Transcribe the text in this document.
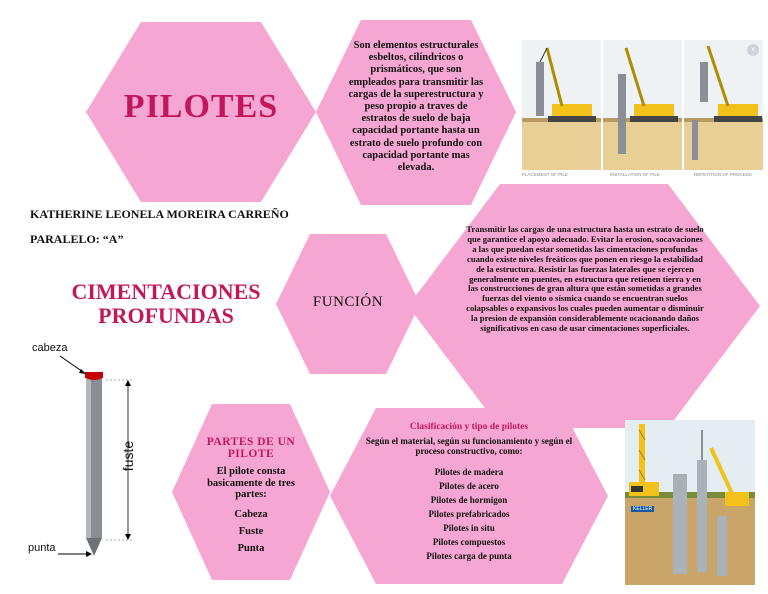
PILOTES
Son elementos estructurales esbeltos, cilíndricos o prismáticos, que son empleados para transmitir las cargas de la superestructura y peso propio a traves de estratos de suelo de baja capacidad portante hasta un estrato de suelo profundo con capacidad portante mas elevada.
‹
PLACEMENT OF PILE	INSTALLATION OF PILE	REPETITION OF PROCESS
KATHERINE LEONELA MOREIRA CARREÑO
PARALELO: “A”
CIMENTACIONES PROFUNDAS
FUNCIÓN
Transmitir las cargas de una estructura hasta un estrato de suelo que garantice el apoyo adecuado. Evitar la erosion, socavaciones a las que puedan estar sometidas las cimentaciones profundas cuando existe niveles freáticos que ponen en riesgo la estabilidad de la estructura. Resistir las fuerzas laterales que se ejercen generalmente en puentes, en estructura que retienen tierra y en las construcciones de gran altura que están sometidas a grandes fuerzas del viento o sísmica cuando se encuentran suelos colapsables o expansivos los cuales pueden aumentar o disminuir la presion de expansión considerablemente ocacionando daños significativos en caso de usar cimentaciones superficiales.
cabeza
punta
fuste	PARTES DE UN PILOTE
El pilote consta basicamente de tres partes:
Cabeza
Fuste
Punta
Clasificación y tipo de pilotes
Según el material, según su funcionamiento y según el proceso constructivo, como:
Pilotes de madera
Pilotes de acero
Pilotes de hormigon
Pilotes prefabricados
Pilotes in situ
Pilotes compuestos
Pilotes carga de punta
KELLER
